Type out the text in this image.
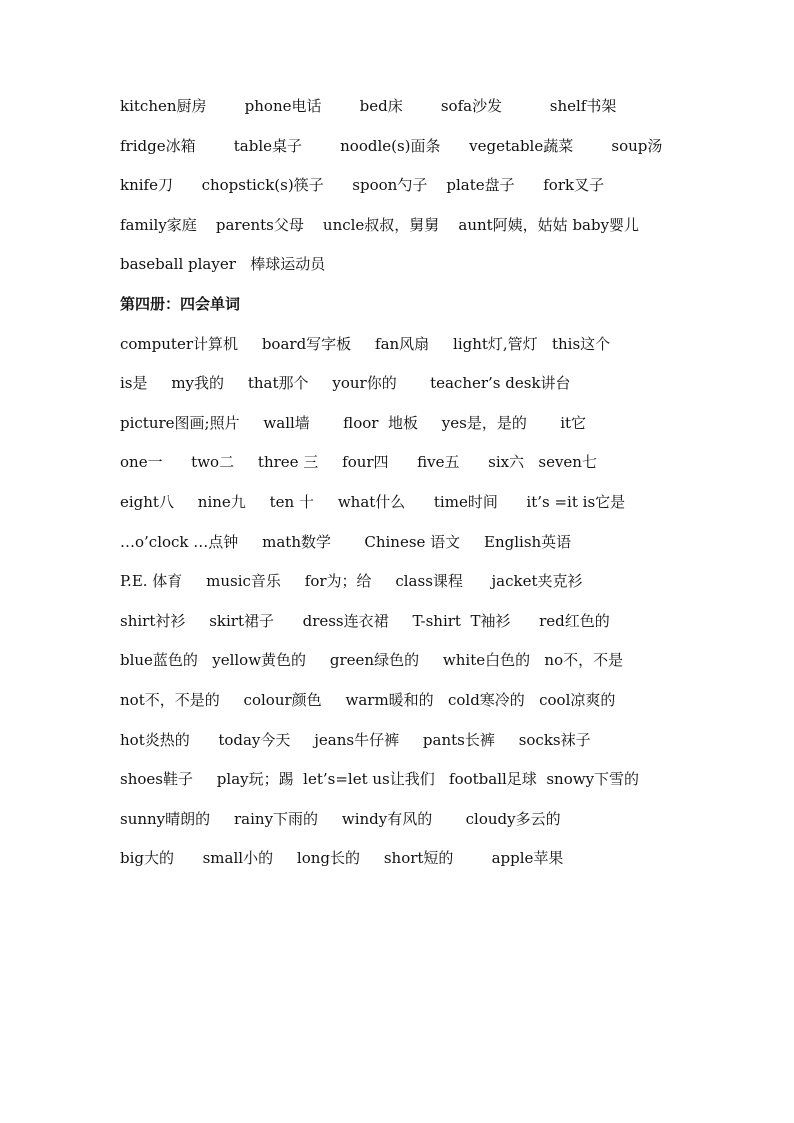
kitchen厨房        phone电话        bed床        sofa沙发          shelf书架
fridge冰箱        table桌子        noodle(s)面条      vegetable蔬菜        soup汤
knife刀      chopstick(s)筷子      spoon勺子    plate盘子      fork叉子
family家庭    parents父母    uncle叔叔，舅舅    aunt阿姨，姑姑 baby婴儿
baseball player   棒球运动员
第四册：四会单词
computer计算机     board写字板     fan风扇     light灯,管灯   this这个
is是     my我的     that那个     your你的       teacher’s desk讲台
picture图画;照片     wall墙       floor  地板     yes是，是的       it它
one一      two二     three 三     four四      five五      six六   seven七
eight八     nine九     ten 十     what什么      time时间      it’s =it is它是
…o’clock …点钟     math数学       Chinese 语文     English英语
P.E. 体育     music音乐     for为；给     class课程      jacket夹克衫
shirt衬衫     skirt裙子      dress连衣裙     T-shirt  T袖衫      red红色的
blue蓝色的   yellow黄色的     green绿色的     white白色的   no不，不是
not不，不是的     colour颜色     warm暖和的   cold寒冷的   cool凉爽的
hot炎热的      today今天     jeans牛仔裤     pants长裤     socks袜子
shoes鞋子     play玩；踢  let’s=let us让我们   football足球  snowy下雪的
sunny晴朗的     rainy下雨的     windy有风的       cloudy多云的
big大的      small小的     long长的     short短的        apple苹果
